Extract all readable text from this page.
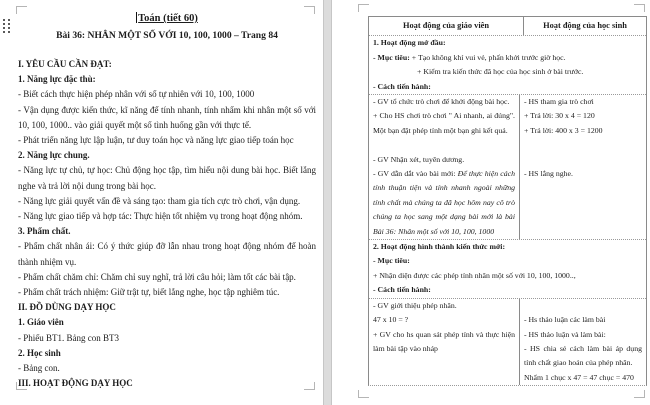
Toán (tiết 60)

Bài 36: NHÂN MỘT SỐ VỚI 10, 100, 1000 – Trang 84

I. YÊU CẦU CẦN ĐẠT:

1. Năng lực đặc thù:

- Biết cách thực hiện phép nhân với số tự nhiên với 10, 100, 1000

- Vận dụng được kiến thức, kĩ năng để tính nhanh, tính nhẩm khi nhân một số với 10, 100, 1000.. vào giải quyết một số tình huống gần với thực tế.

- Phát triển năng lực lập luận, tư duy toán học và năng lực giao tiếp toán học

2. Năng lực chung.

- Năng lực tự chủ, tự học: Chủ động học tập, tìm hiểu nội dung bài học. Biết lắng nghe và trả lời nội dung trong bài học.

- Năng lực giải quyết vấn đề và sáng tạo: tham gia tích cực trò chơi, vận dụng.

- Năng lực giao tiếp và hợp tác: Thực hiện tốt nhiệm vụ trong hoạt động nhóm.

3. Phẩm chất.

- Phẩm chất nhân ái: Có ý thức giúp đỡ lẫn nhau trong hoạt động nhóm để hoàn thành nhiệm vụ.

- Phẩm chất chăm chỉ: Chăm chỉ suy nghĩ, trả lời câu hỏi; làm tốt các bài tập.

- Phẩm chất trách nhiệm: Giữ trật tự, biết lắng nghe, học tập nghiêm túc.

II. ĐỒ DÙNG DẠY HỌC

1. Giáo viên

- Phiếu BT1. Bảng con BT3

2. Học sinh

- Bảng con.

III. HOẠT ĐỘNG DẠY HỌC

Hoạt động của giáo viên	Hoạt động của học sinh

1. Hoạt động mở đầu:

- Mục tiêu: + Tạo không khí vui vẻ, phấn khởi trước giờ học.

+ Kiểm tra kiến thức đã học của học sinh ở bài trước.

- Cách tiến hành:

- GV tổ chức trò chơi để khởi động bài học.

+ Cho HS chơi trò chơi " Ai nhanh, ai đúng". Một bạn đặt phép tính một bạn ghi kết quả.

- GV Nhận xét, tuyên dương.

- GV dẫn dắt vào bài mới: Để thực hiện cách tính thuận tiện và tính nhanh ngoài những tính chất mà chúng ta đã học hôm nay cô trò chúng ta học sang một dạng bài mới là bài Bài 36: Nhân một số với 10, 100, 1000

- HS tham gia trò chơi

+ Trả lời: 30 x 4 = 120

+ Trả lời: 400 x 3 = 1200

- HS lắng nghe.

2. Hoạt động hình thành kiến thức mới:

- Mục tiêu:

+ Nhận diện được các phép tính nhân một số với 10, 100, 1000..,

- Cách tiến hành:

- GV giới thiệu phép nhân.

47 x 10 = ?

+ GV cho hs quan sát phép tính và thực hiện làm bài tập vào nháp

- Hs thảo luận các làm bài

- HS thảo luận và làm bài:

- HS chia sẻ cách làm bài áp dụng tính chất giao hoán của phép nhân.

Nhẩm 1 chục x 47 = 47 chục = 470
